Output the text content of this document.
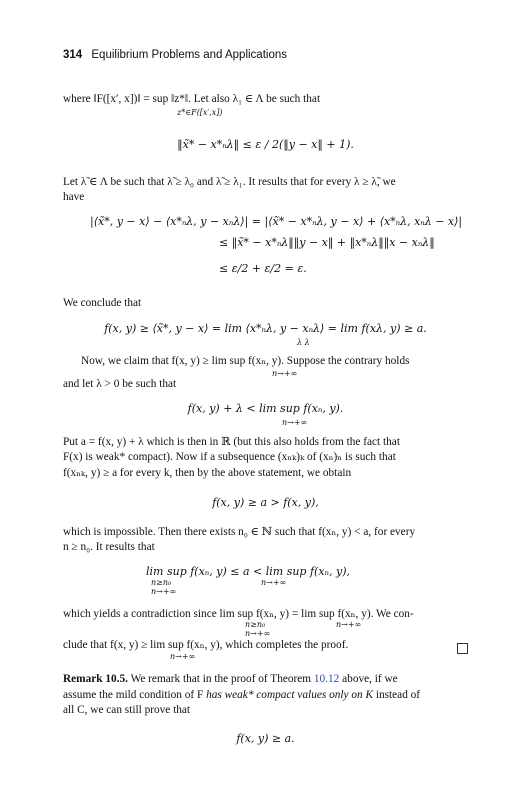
314 Equilibrium Problems and Applications
where ‖F([x′, x])‖ = sup ‖z*‖. Let also λ₁ ∈ Λ be such that
z*∈F([x′,x])
‖x̃* − x*ₙλ‖ ≤ ε / 2(‖y − x‖ + 1).
Let λ̃ ∈ Λ be such that λ̃ ≥ λ₀ and λ̃ ≥ λ₁. It results that for every λ ≥ λ̃, we
have
|⟨x̃*, y − x⟩ − ⟨x*ₙλ, y − xₙλ⟩| = |⟨x̃* − x*ₙλ, y − x⟩ + ⟨x*ₙλ, xₙλ − x⟩|
≤ ‖x̃* − x*ₙλ‖‖y − x‖ + ‖x*ₙλ‖‖x − xₙλ‖
≤ ε/2 + ε/2 = ε.
We conclude that
f(x, y) ≥ ⟨x̃*, y − x⟩ = lim ⟨x*ₙλ, y − xₙλ⟩ = lim f(xλ, y) ≥ a.
λ λ
Now, we claim that f(x, y) ≥ lim sup f(xₙ, y). Suppose the contrary holds
n→+∞
and let λ > 0 be such that
f(x, y) + λ < lim sup f(xₙ, y).
n→+∞
Put a = f(x, y) + λ which is then in ℝ (but this also holds from the fact that
F(x) is weak* compact). Now if a subsequence (xₙₖ)ₖ of (xₙ)ₙ is such that
f(xₙₖ, y) ≥ a for every k, then by the above statement, we obtain
f(x, y) ≥ a > f(x, y),
which is impossible. Then there exists n₀ ∈ ℕ such that f(xₙ, y) < a, for every
n ≥ n₀. It results that
lim sup f(xₙ, y) ≤ a < lim sup f(xₙ, y),
n≥n₀
n→+∞
n→+∞
which yields a contradiction since lim sup f(xₙ, y) = lim sup f(xₙ, y). We con-
n≥n₀
n→+∞
n→+∞
clude that f(x, y) ≥ lim sup f(xₙ, y), which completes the proof.
n→+∞
Remark 10.5. We remark that in the proof of Theorem 10.12 above, if we
assume the mild condition of F has weak* compact values only on K instead of
all C, we can still prove that
f(x, y) ≥ a.
